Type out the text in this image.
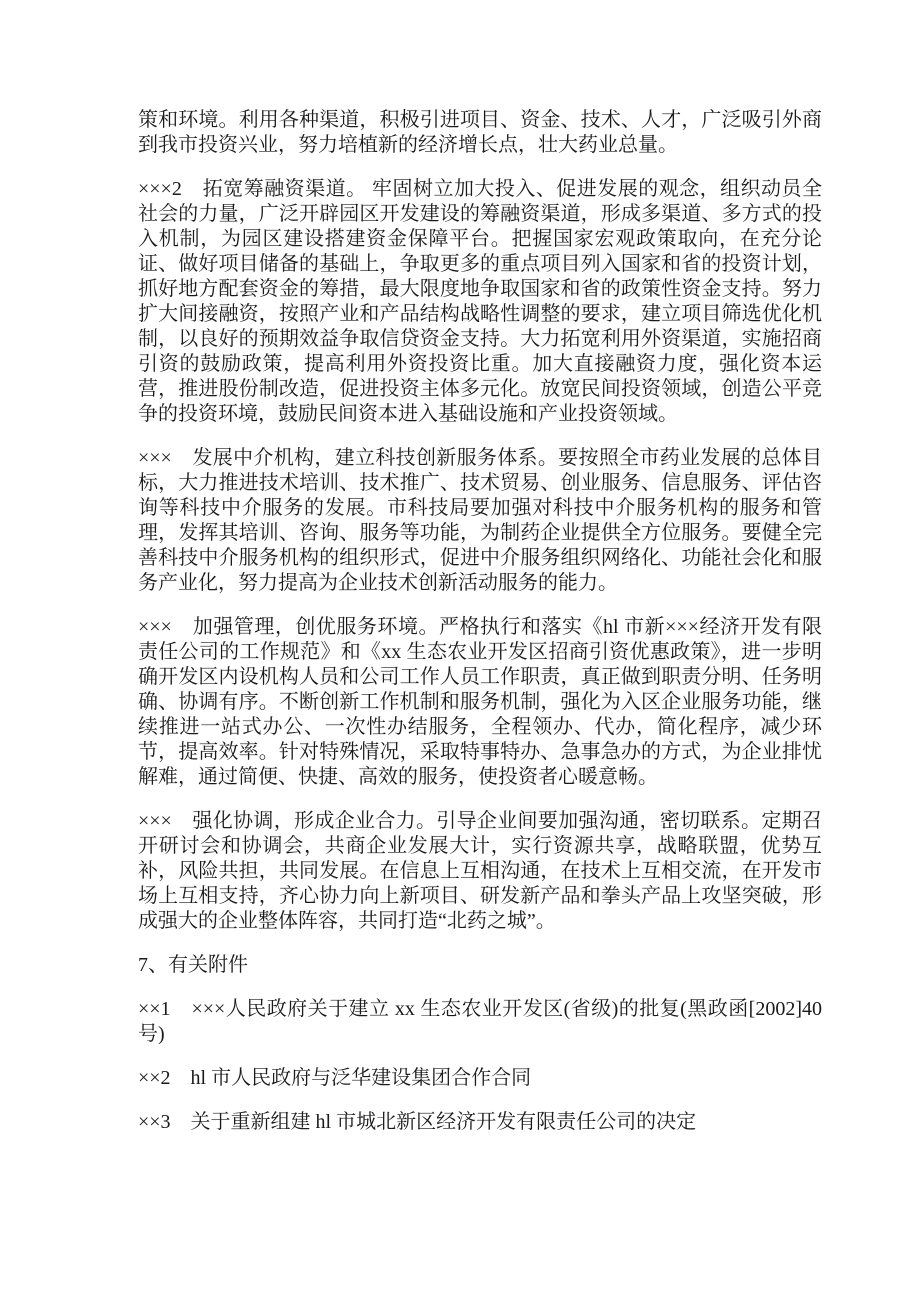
策和环境。利用各种渠道，积极引进项目、资金、技术、人才，广泛吸引外商到我市投资兴业，努力培植新的经济增长点，壮大药业总量。

×××2　拓宽筹融资渠道。 牢固树立加大投入、促进发展的观念，组织动员全社会的力量，广泛开辟园区开发建设的筹融资渠道，形成多渠道、多方式的投入机制，为园区建设搭建资金保障平台。把握国家宏观政策取向，在充分论证、做好项目储备的基础上，争取更多的重点项目列入国家和省的投资计划，抓好地方配套资金的筹措，最大限度地争取国家和省的政策性资金支持。努力扩大间接融资，按照产业和产品结构战略性调整的要求，建立项目筛选优化机制，以良好的预期效益争取信贷资金支持。大力拓宽利用外资渠道，实施招商引资的鼓励政策，提高利用外资投资比重。加大直接融资力度，强化资本运营，推进股份制改造，促进投资主体多元化。放宽民间投资领域，创造公平竞争的投资环境，鼓励民间资本进入基础设施和产业投资领域。

×××　发展中介机构，建立科技创新服务体系。要按照全市药业发展的总体目标，大力推进技术培训、技术推广、技术贸易、创业服务、信息服务、评估咨询等科技中介服务的发展。市科技局要加强对科技中介服务机构的服务和管理，发挥其培训、咨询、服务等功能，为制药企业提供全方位服务。要健全完善科技中介服务机构的组织形式，促进中介服务组织网络化、功能社会化和服务产业化，努力提高为企业技术创新活动服务的能力。

×××　加强管理，创优服务环境。严格执行和落实《hl 市新×××经济开发有限责任公司的工作规范》和《xx 生态农业开发区招商引资优惠政策》，进一步明确开发区内设机构人员和公司工作人员工作职责，真正做到职责分明、任务明确、协调有序。不断创新工作机制和服务机制，强化为入区企业服务功能，继续推进一站式办公、一次性办结服务，全程领办、代办，简化程序，减少环节，提高效率。针对特殊情况，采取特事特办、急事急办的方式，为企业排忧解难，通过简便、快捷、高效的服务，使投资者心暖意畅。

×××　强化协调，形成企业合力。引导企业间要加强沟通，密切联系。定期召开研讨会和协调会，共商企业发展大计，实行资源共享，战略联盟，优势互补，风险共担，共同发展。在信息上互相沟通，在技术上互相交流，在开发市场上互相支持，齐心协力向上新项目、研发新产品和拳头产品上攻坚突破，形成强大的企业整体阵容，共同打造“北药之城”。

7、有关附件

××1　×××人民政府关于建立 xx 生态农业开发区(省级)的批复(黑政函[2002]40 号)

××2　hl 市人民政府与泛华建设集团合作合同

××3　关于重新组建 hl 市城北新区经济开发有限责任公司的决定
